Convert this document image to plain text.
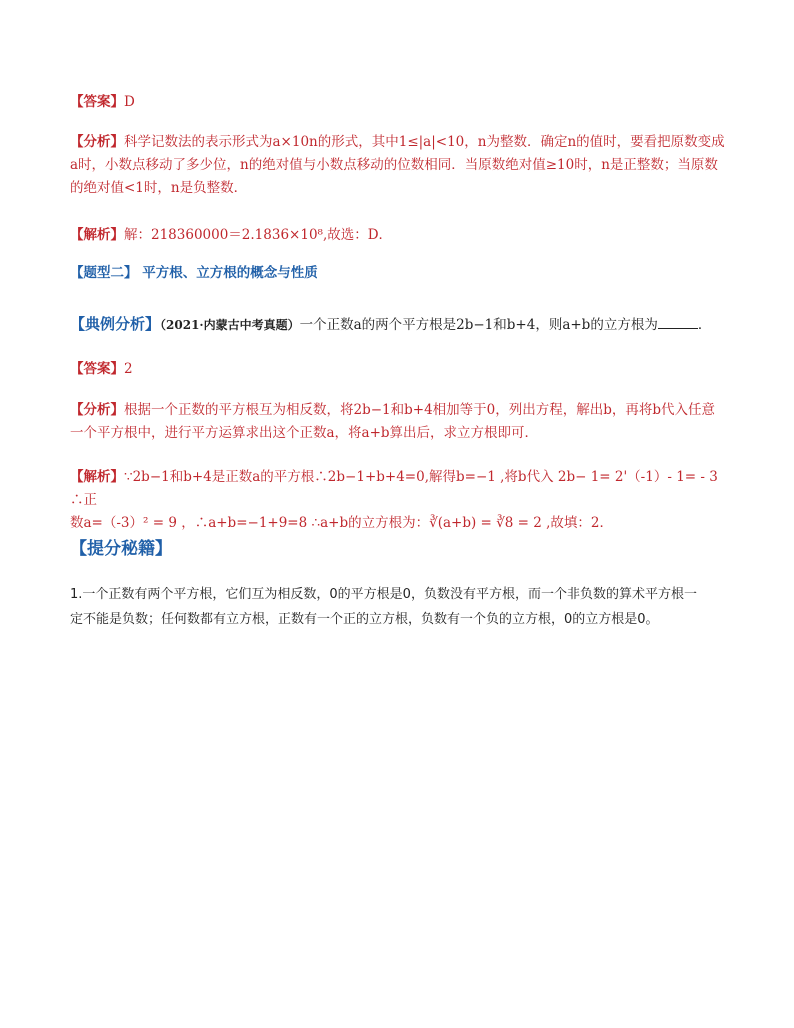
【答案】D
【分析】科学记数法的表示形式为a×10n的形式，其中1≤|a|<10，n为整数．确定n的值时，要看把原数变成
a时，小数点移动了多少位，n的绝对值与小数点移动的位数相同．当原数绝对值≥10时，n是正整数；当原数
的绝对值<1时，n是负整数．
【解析】解：218360000＝2.1836×10⁸,故选：D．
【题型二】 平方根、立方根的概念与性质
【典例分析】（2021·内蒙古中考真题）一个正数a的两个平方根是2b−1和b+4，则a+b的立方根为	．
【答案】2
【分析】根据一个正数的平方根互为相反数，将2b−1和b+4相加等于0，列出方程，解出b，再将b代入任意
一个平方根中，进行平方运算求出这个正数a，将a+b算出后，求立方根即可．
【解析】∵2b−1和b+4是正数a的平方根∴2b−1+b+4=0,解得b=−1 ,将b代入 2b− 1= 2'（-1）- 1= - 3 ∴正
数a=（-3）² = 9 ，∴a+b=−1+9=8 ∴a+b的立方根为：∛(a+b) = ∛8 = 2 ,故填：2．
【提分秘籍】
1.一个正数有两个平方根，它们互为相反数，0的平方根是0，负数没有平方根，而一个非负数的算术平方根一
定不能是负数；任何数都有立方根，正数有一个正的立方根，负数有一个负的立方根，0的立方根是0。
